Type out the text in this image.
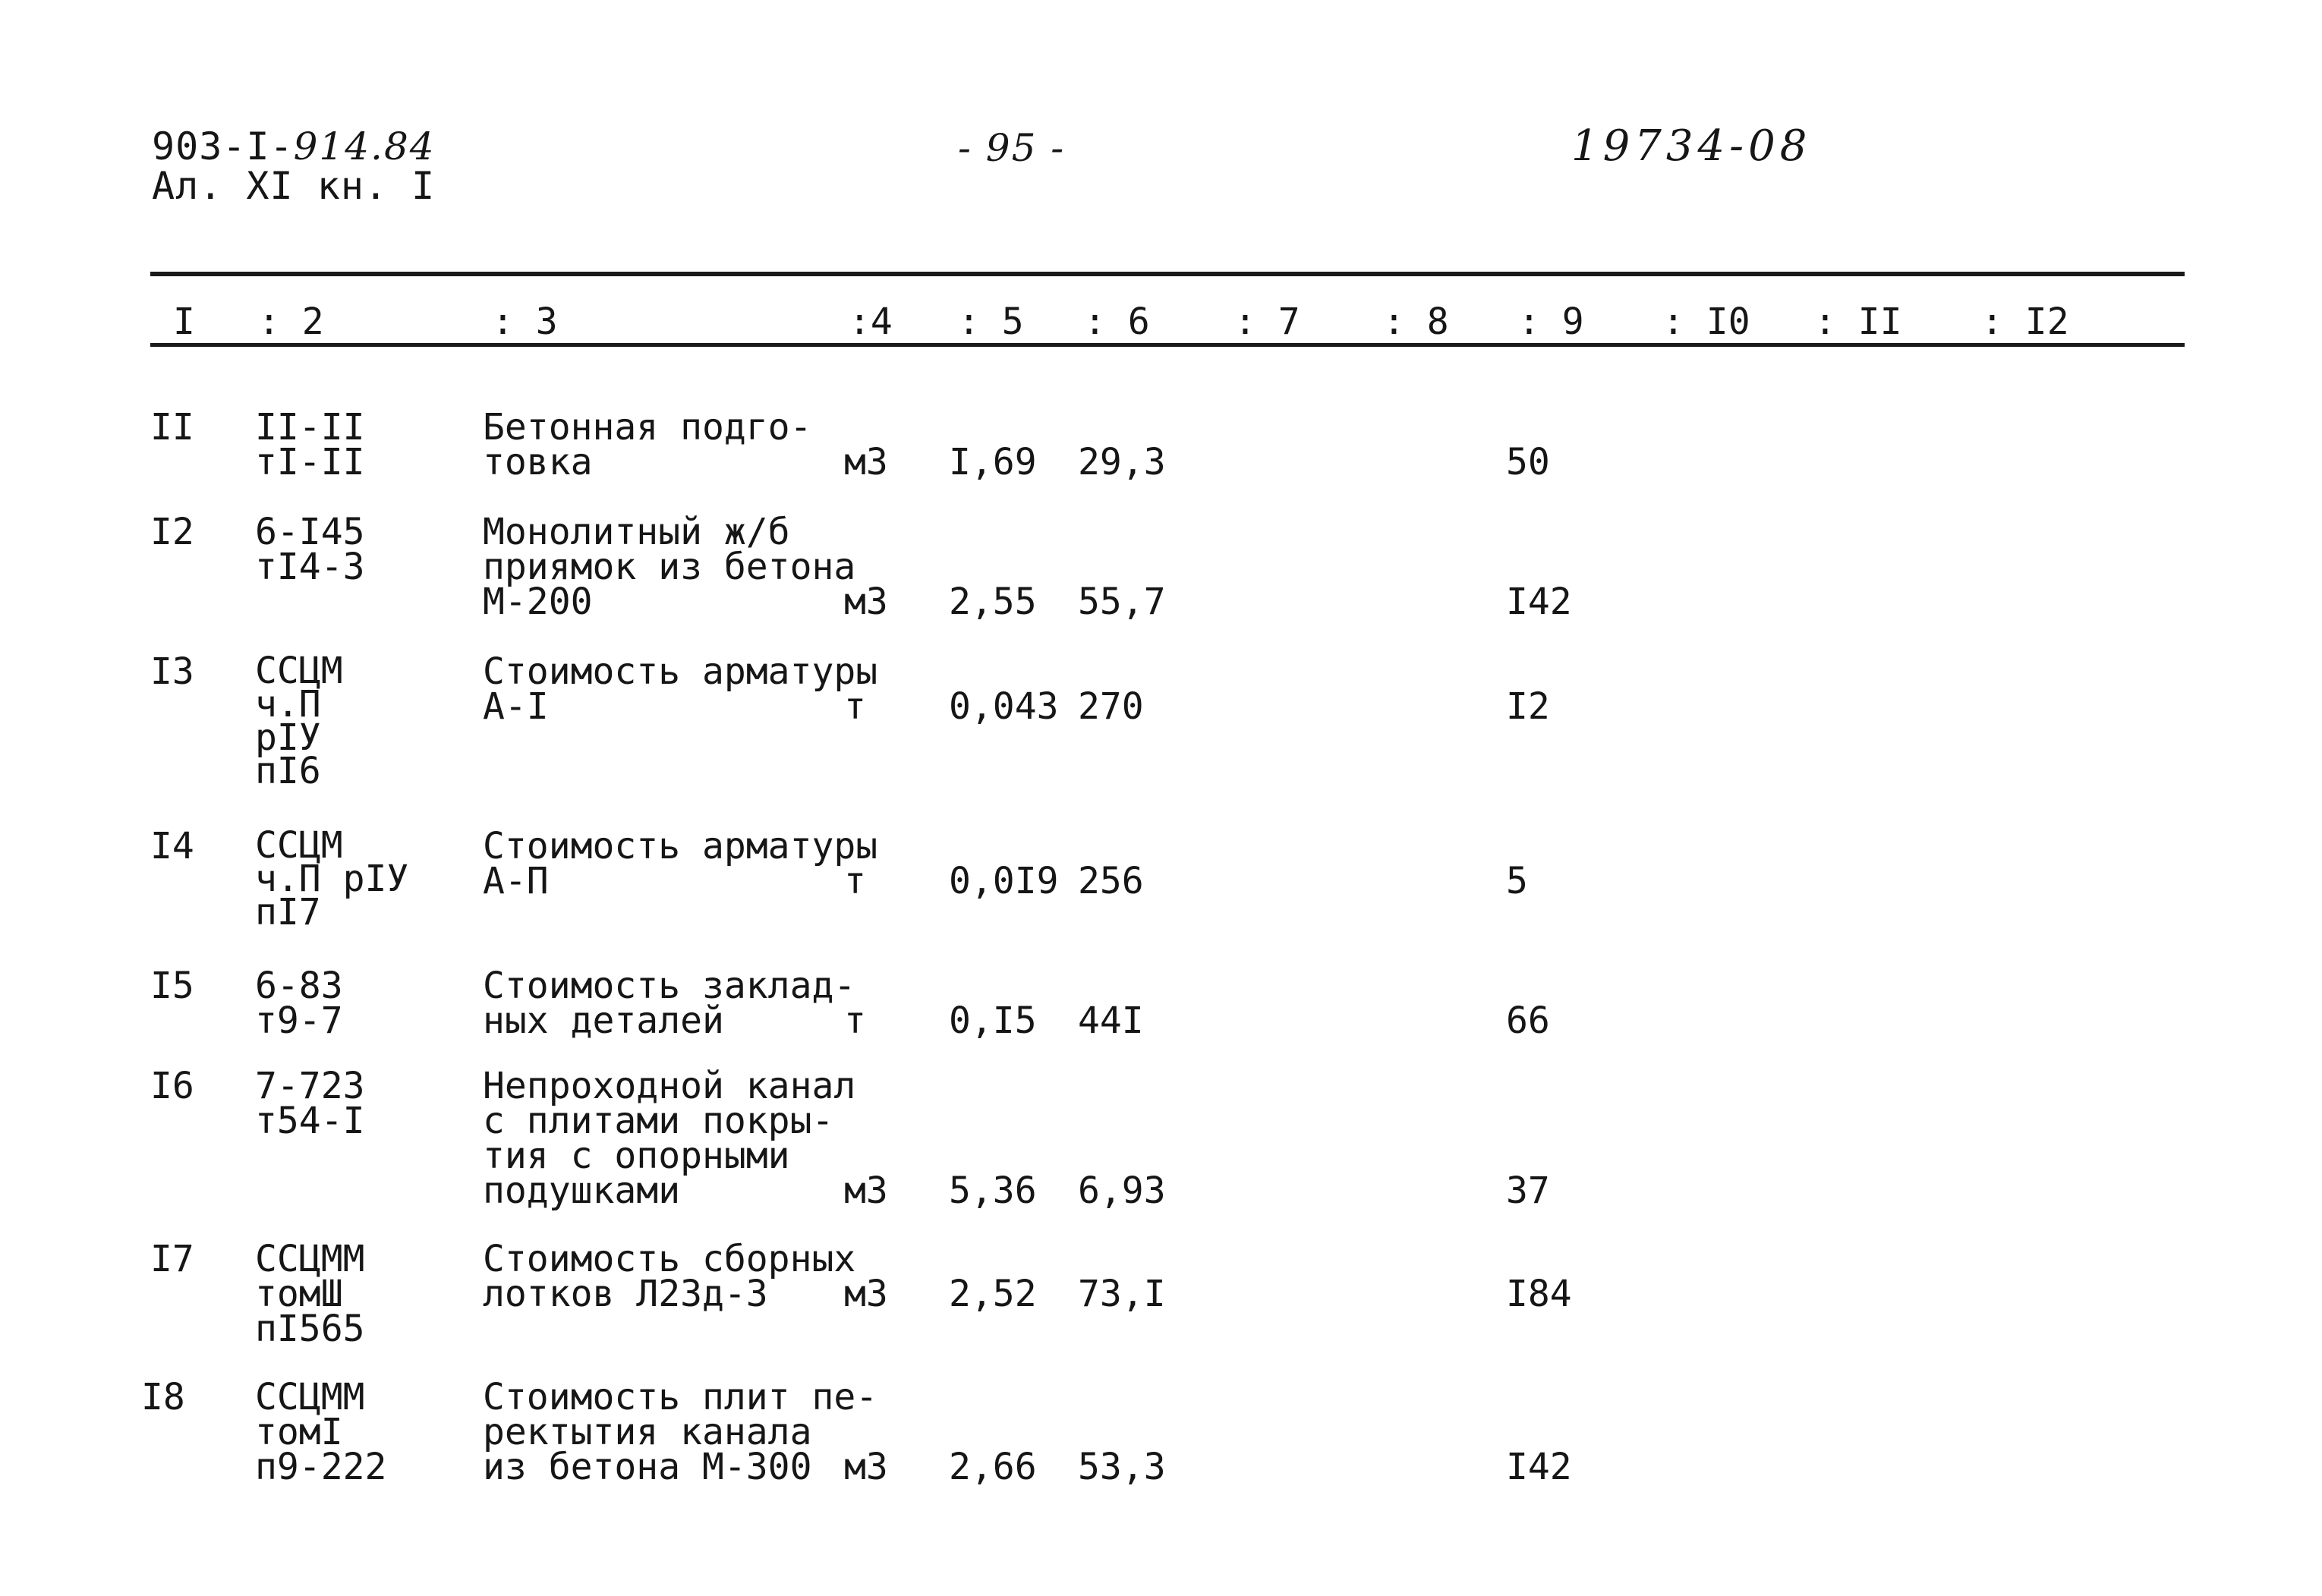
903-I-914.84
Ал. XI кн. I
- 95 -	19734-08
I : 2	: 3	:4 : 5 : 6 : 7 : 8 : 9 : I0 : II : I2
II II-II
тI-II
Бетонная подго-
товка	м3 I,69 29,3	50
I2 6-I45
тI4-3
Монолитный ж/б
приямок из бетона
М-200	м3 2,55 55,7	I42
I3 ССЦМ
ч.П
рIУ
пI6
Стоимость арматуры
А-I	т 0,043 270	I2
I4 ССЦМ
ч.П рIУ
пI7
Стоимость арматуры
А-П	т 0,0I9 256	5
I5 6-83
т9-7
Стоимость заклад-
ных деталей	т 0,I5 44I	66
I6 7-723
т54-I
Непроходной канал
с плитами покры-
тия с опорными
подушками	м3 5,36 6,93	37
I7 ССЦММ
томШ
пI565
Стоимость сборных
лотков Л23д-3	м3 2,52 73,I	I84
I8 ССЦММ
томI
п9-222
Стоимость плит пе-
ректытия канала
из бетона М-300 м3 2,66 53,3	I42
